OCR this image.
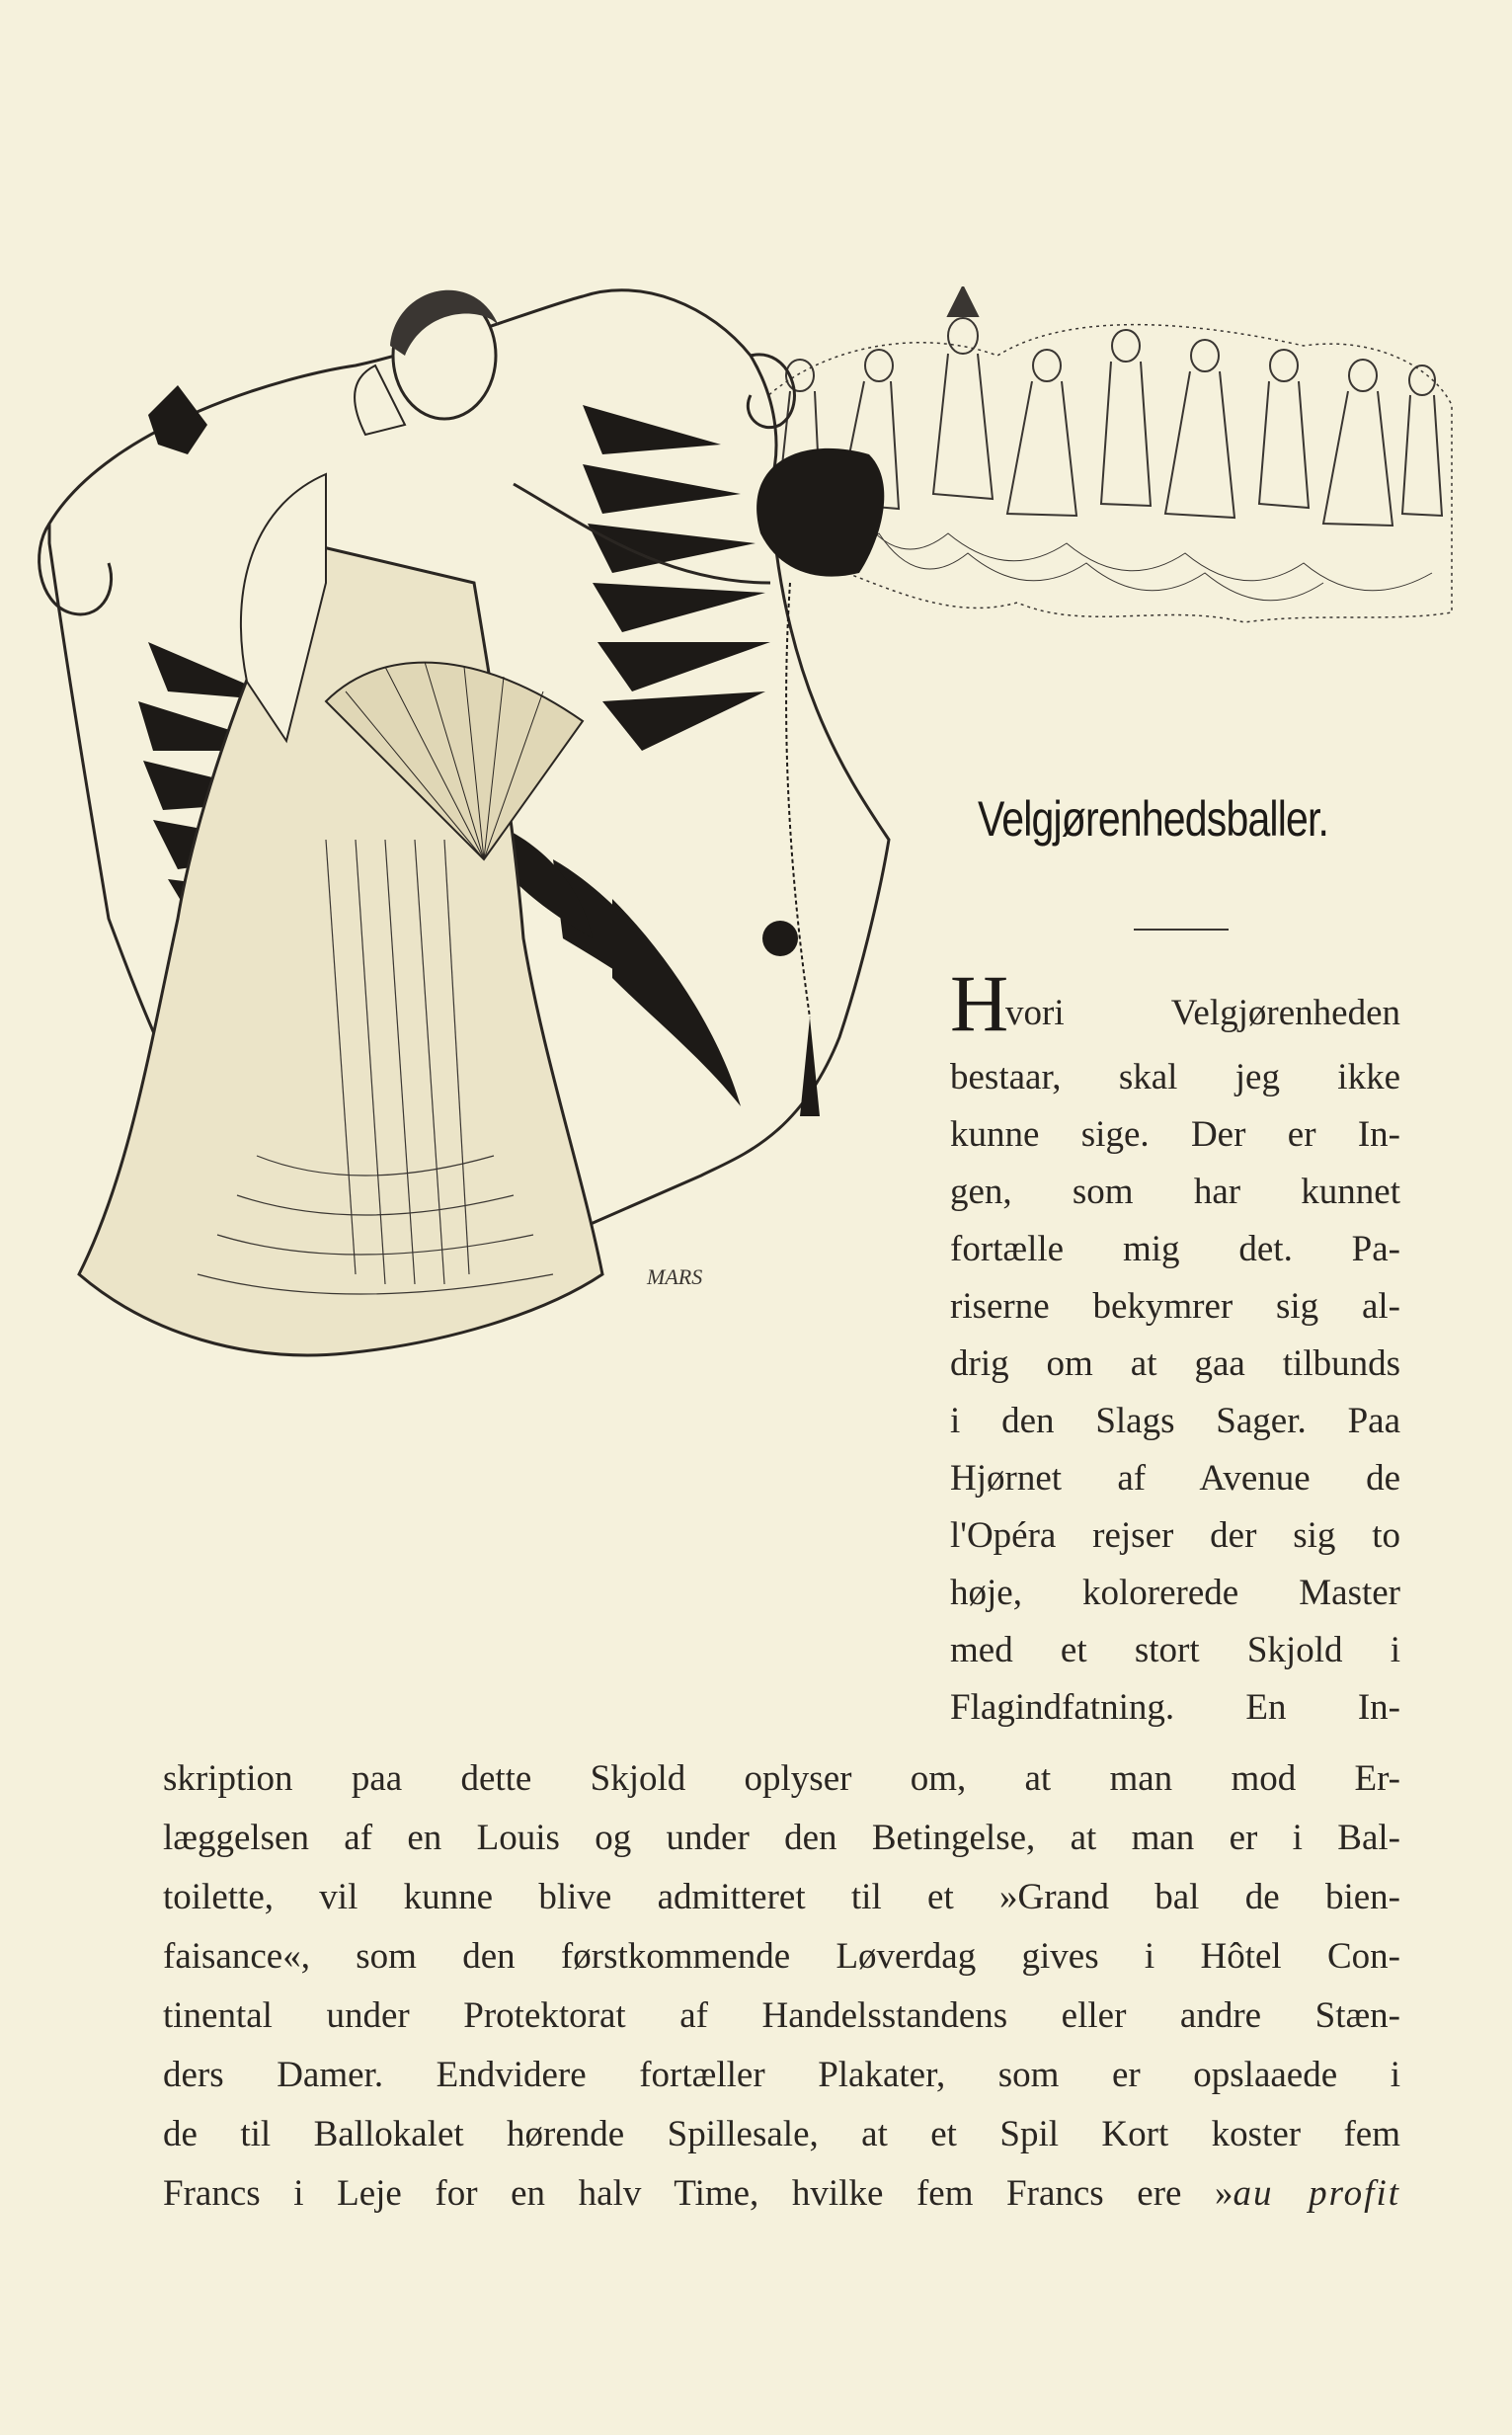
MARS
Velgjørenhedsballer.
H
vori Velgjørenheden
bestaar, skal jeg ikke
kunne sige. Der er In-
gen, som har kunnet
fortælle mig det. Pa-
riserne bekymrer sig al-
drig om at gaa tilbunds
i den Slags Sager. Paa
Hjørnet af Avenue de
l'Opéra rejser der sig to
høje, kolorerede Master
med et stort Skjold i
Flagindfatning. En In-
skription paa dette Skjold oplyser om, at man mod Er-
læggelsen af en Louis og under den Betingelse, at man er i Bal-
toilette, vil kunne blive admitteret til et »Grand bal de bien-
faisance«, som den førstkommende Løverdag gives i Hôtel Con-
tinental under Protektorat af Handelsstandens eller andre Stæn-
ders Damer. Endvidere fortæller Plakater, som er opslaaede i
de til Ballokalet hørende Spillesale, at et Spil Kort koster fem
Francs i Leje for en halv Time, hvilke fem Francs ere »au profit
